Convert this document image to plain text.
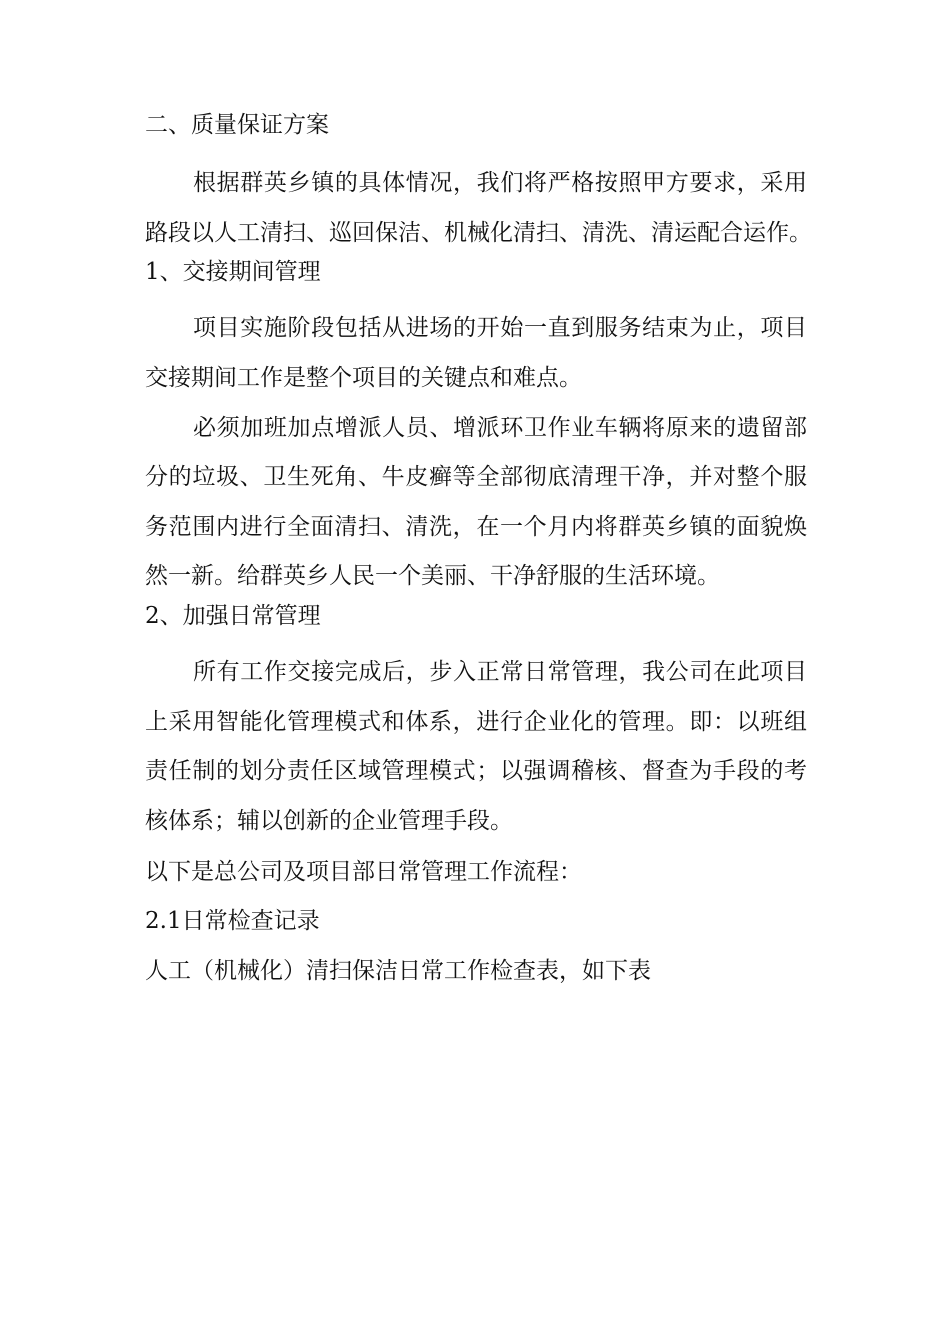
二、质量保证方案
根据群英乡镇的具体情况，我们将严格按照甲方要求，采用
路段以人工清扫、巡回保洁、机械化清扫、清洗、清运配合运作。
1、交接期间管理
项目实施阶段包括从进场的开始一直到服务结束为止，项目
交接期间工作是整个项目的关键点和难点。
必须加班加点增派人员、增派环卫作业车辆将原来的遗留部
分的垃圾、卫生死角、牛皮癣等全部彻底清理干净，并对整个服
务范围内进行全面清扫、清洗，在一个月内将群英乡镇的面貌焕
然一新。给群英乡人民一个美丽、干净舒服的生活环境。
2、加强日常管理
所有工作交接完成后，步入正常日常管理，我公司在此项目
上采用智能化管理模式和体系，进行企业化的管理。即：以班组
责任制的划分责任区域管理模式；以强调稽核、督查为手段的考
核体系；辅以创新的企业管理手段。
以下是总公司及项目部日常管理工作流程：
2.1日常检查记录
人工（机械化）清扫保洁日常工作检查表，如下表
